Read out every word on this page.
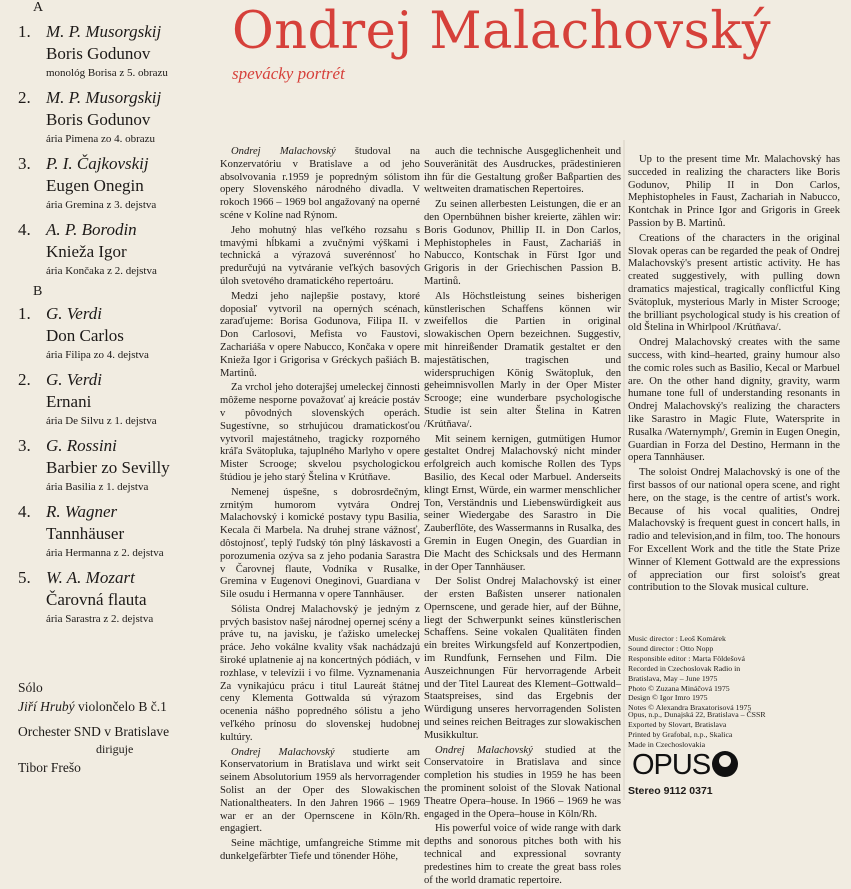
A
1. M. P. Musorgskij
Boris Godunov
monológ Borisa z 5. obrazu
2. M. P. Musorgskij
Boris Godunov
ária Pimena zo 4. obrazu
3. P. I. Čajkovskij
Eugen Onegin
ária Gremina z 3. dejstva
4. A. P. Borodin
Knieža Igor
ária Končaka z 2. dejstva
B
1. G. Verdi
Don Carlos
ária Filipa zo 4. dejstva
2. G. Verdi
Ernani
ária De Silvu z 1. dejstva
3. G. Rossini
Barbier zo Sevilly
ária Basilia z 1. dejstva
4. R. Wagner
Tannhäuser
ária Hermanna z 2. dejstva
5. W. A. Mozart
Čarovná flauta
ária Sarastra z 2. dejstva
Sólo
Jiří Hrubý violončelo B č.1
Orchester SND v Bratislave
diriguje
Tibor Frešo
Ondrej Malachovský
spevácky portrét

Ondrej Malachovský študoval na Konzervatóriu v Bratislave a od jeho absolvovania r.1959 je popredným sólistom opery Slovenského národného divadla. V rokoch 1966 – 1969 bol angažovaný na operné scéne v Kolíne nad Rýnom.

Jeho mohutný hlas veľkého rozsahu s tmavými hĺbkami a zvučnými výškami i technická a výrazová suverénnosť ho predurčujú na vytváranie veľkých basových úloh svetového dramatického repertoáru.

Medzi jeho najlepšie postavy, ktoré doposiaľ vytvoril na operných scénach, zaraďujeme: Borisa Godunova, Filipa II. v Don Carlosovi, Mefista vo Faustovi, Zachariáša v opere Nabucco, Končaka v opere Knieža Igor i Grigorisa v Gréckych pašiách B. Martinů.

Za vrchol jeho doterajšej umeleckej činnosti môžeme nesporne považovať aj kreácie postáv v pôvodných slovenských operách. Sugestívne, so strhujúcou dramatickosťou vytvoril majestátneho, tragicky rozporného kráľa Svätopluka, tajuplného Marlyho v opere Mister Scrooge; skvelou psychologickou štúdiou je jeho starý Štelina v Krútňave.

Nemenej úspešne, s dobrosrdečným, zrnitým humorom vytvára Ondrej Malachovský i komické postavy typu Basilia, Kecala či Marbela. Na druhej strane vážnosť, dôstojnosť, teplý ľudský tón plný láskavosti a porozumenia ozýva sa z jeho podania Sarastra v Čarovnej flaute, Vodníka v Rusalke, Gremina v Eugenovi Oneginovi, Guardiana v Sile osudu i Hermanna v opere Tannhäuser.

Sólista Ondrej Malachovský je jedným z prvých basistov našej národnej opernej scény a práve tu, na javisku, je ťažisko umeleckej práce. Jeho vokálne kvality však nachádzajú široké uplatnenie aj na koncertných pódiách, v rozhlase, v televízii i vo filme. Vyznamenania Za vynikajúcu prácu i titul Laureát štátnej ceny Klementa Gottwalda sú výrazom ocenenia nášho popredného sólistu a jeho veľkého prínosu do slovenskej hudobnej kultúry.

Ondrej Malachovský studierte am Konservatorium in Bratislava und wirkt seit seinem Absolutorium 1959 als hervorragender Solist an der Oper des Slowakischen Nationaltheaters. In den Jahren 1966 – 1969 war er an der Opernscene in Köln/Rh. engagiert.

Seine mächtige, umfangreiche Stimme mit dunkelgefärbter Tiefe und tönender Höhe,

auch die technische Ausgeglichenheit und Souveränität des Ausdruckes, prädestinieren ihn für die Gestaltung großer Baßpartien des weltweiten dramatischen Repertoires.

Zu seinen allerbesten Leistungen, die er an den Opernbühnen bisher kreierte, zählen wir: Boris Godunov, Phillip II. in Don Carlos, Mephistopheles in Faust, Zachariáš in Nabucco, Kontschak in Fürst Igor und Grigoris in der Griechischen Passion B. Martinů.

Als Höchstleistung seines bisherigen künstlerischen Schaffens können wir zweifellos die Partien in original slowakischen Opern bezeichnen. Suggestiv, mit hinreißender Dramatik gestaltet er den majestätischen, tragischen und widerspruchigen König Swätopluk, den geheimnisvollen Marly in der Oper Mister Scrooge; eine wunderbare psychologische Studie ist sein alter Štelina in Katren /Krútňava/.

Mit seinem kernigen, gutmütigen Humor gestaltet Ondrej Malachovský nicht minder erfolgreich auch komische Rollen des Typs Basilio, des Kecal oder Marbuel. Anderseits klingt Ernst, Würde, ein warmer menschlicher Ton, Verständnis und Liebenswürdigkeit aus seiner Wiedergabe des Sarastro in Die Zauberflöte, des Wassermanns in Rusalka, des Gremin in Eugen Onegin, des Guardian in Die Macht des Schicksals und des Hermann in der Oper Tannhäuser.

Der Solist Ondrej Malachovský ist einer der ersten Baßisten unserer nationalen Opernscene, und gerade hier, auf der Bühne, liegt der Schwerpunkt seines künstlerischen Schaffens. Seine vokalen Qualitäten finden ein breites Wirkungsfeld auf Konzertpodien, im Rundfunk, Fernsehen und Film. Die Auszeichnungen Für hervorragende Arbeit und der Titel Laureat des Klement–Gottwald–Staatspreises, sind das Ergebnis der Würdigung unseres hervorragenden Solisten und seines reichen Beitrages zur slowakischen Musikkultur.

Ondrej Malachovský studied at the Conservatoire in Bratislava and since completion his studies in 1959 he has been the prominent soloist of the Slovak National Theatre Opera–house. In 1966 – 1969 he was engaged in the Opera–house in Köln/Rh.

His powerful voice of wide range with dark depths and sonorous pitches both with his technical and expressional sovranty predestines him to create the great bass roles of the world dramatic repertoire.

Up to the present time Mr. Malachovský has succeded in realizing the characters like Boris Godunov, Philip II in Don Carlos, Mephistopheles in Faust, Zachariah in Nabucco, Kontchak in Prince Igor and Grigoris in Greek Passion by B. Martinů.

Creations of the characters in the original Slovak operas can be regarded the peak of Ondrej Malachovský's present artistic activity. He has created suggestively, with pulling down dramatics majestical, tragically conflictful King Svätopluk, mysterious Marly in Mister Scrooge; the brilliant psychological study is his creation of old Štelina in Whirlpool /Krútňava/.

Ondrej Malachovský creates with the same success, with kind–hearted, grainy humour also the comic roles such as Basilio, Kecal or Marbuel are. On the other hand dignity, gravity, warm humane tone full of understanding resonants in Ondrej Malachovský's realizing the characters like Sarastro in Magic Flute, Watersprite in Rusalka /Waternymph/, Gremin in Eugen Onegin, Guardian in Forza del Destino, Hermann in the opera Tannhäuser.

The soloist Ondrej Malachovský is one of the first bassos of our national opera scene, and right here, on the stage, is the centre of artist's work. Because of his vocal qualities, Ondrej Malachovský is frequent guest in concert halls, in radio and television,and in film, too. The honours For Excellent Work and the title the State Prize Winner of Klement Gottwald are the expressions of appreciation our first soloist's great contribution to the Slovak musical culture.

Music director : Leoš Komárek
Sound director : Otto Nopp
Responsible editor : Marta Földešová
Recorded in Czechoslovak Radio in
Bratislava, May – June 1975
Photo © Zuzana Mináčová 1975
Design © Igor Imro 1975
Notes © Alexandra Braxatorisová 1975
Opus, n.p., Dunajská 22, Bratislava – ČSSR
Exported by Slovart, Bratislava
Printed by Grafobal, n.p., Skalica
Made in Czechoslovakia
OPUS
Stereo 9112 0371
